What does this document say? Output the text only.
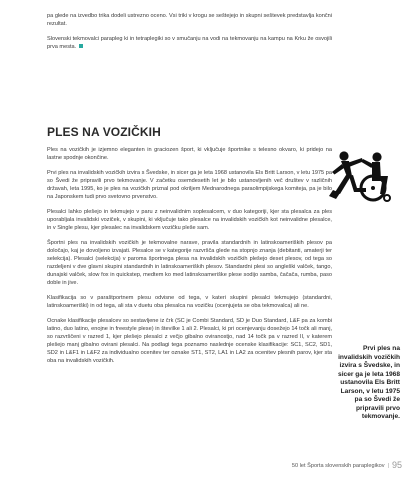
pa glede na izvedbo trika dodeli ustrezno oceno. Vsi triki v krogu se seštejejo in skupni seštevek predstavlja končni rezultat.

Slovenski tekmovalci parapleg ki in tetraplegiki so v smučanju na vodi na tekmovanju na kampu na Krku že osvojili prva mesta.

PLES NA VOZIČKIH

Ples na vozičkih je izjemno eleganten in graciozen šport, ki vključuje športnike s telesno okvaro, ki pridejo na lastne spodnje okončine.

Prvi ples na invalidskih vozičkih izvira s Švedske, in sicer ga je leta 1968 ustanovila Els Britt Larson, v letu 1975 pa so Švedi že pripravili prvo tekmovanje. V začetku osemdesetih let je bilo ustanovljenih več društev v različnih državah, leta 1995, ko je ples na vozičkih priznal pod okriljem Mednarodnega paraolimpijskega komiteja, pa je bilo na Japonskem tudi prvo svetovno prvenstvo.

Plesalci lahko plešejo in tekmujejo v paru z neinvalidnim soplesalcem, v duo kategoriji, kjer sta plesalca za ples uporabljala invalidski voziček, v skupini, ki vključuje tako plesalce na invalidskih vozičkih kot neinvalidne plesalce, in v Single plesu, kjer plesalec na invalidskem vozičku pleše sam.

Športni ples na invalidskih vozičkih je tekmovalne narave, pravila standardnih in latinskoameriških plesov pa določajo, kaj je dovoljeno izvajati. Plesalce se v kategorije razvršča glede na stopnjo znanja (debitanti, amaterji ter selekcija). Plesalci (selekcija) v paroma športnega plesa na invalidskih vozičkih plešejo deset plesov, od tega so razdeljeni v dve glavni skupini standardnih in latinskoameriških plesov. Standardni plesi so angleški valček, tango, dunajski valček, slow fox in quickstep, medtem ko med latinskoameriške plese sodijo samba, čačača, rumba, paso doble in jive.

Klasifikacija so v paraštportnem plesu odvisne od tega, v kateri skupini plesalci tekmujejo (standardni, latinskoameriški) in od tega, ali sta v duetu oba plesalca na vozičku (ocenjujeta se oba tekmovalca) ali ne.

Ocnake klasifikacije plesalcev so sestavljene iz črk (SC je Combi Standard, SD je Duo Standard, L&F pa za kombi latino, duo latino, enojne in freestyle plese) in številke 1 ali 2. Plesalci, ki pri ocenjevanju dosežejo 14 točk ali manj, so razvrščeni v razred 1, kjer plešejo plesalci z večjo gibalno oviranostjo, nad 14 točk pa v razred II, v katerem plešejo manj gibalno ovirani plesalci. Na podlagi tega poznamo naslednje ocenske klasifikacije: SC1, SC2, SD1, SD2 in L&F1 in L&F2 za individualno ocenitev ter oznake ST1, ST2, LA1 in LA2 za ocenitev plesnih parov, kjer sta oba na invalidskih vozičkih.

Prvi ples na invalidskih vozičkih izvira s Švedske, in sicer ga je leta 1968 ustanovila Els Britt Larson, v letu 1975 pa so Švedi že pripravili prvo tekmovanje.

50 let Športa slovenskih paraplegikov | 95
